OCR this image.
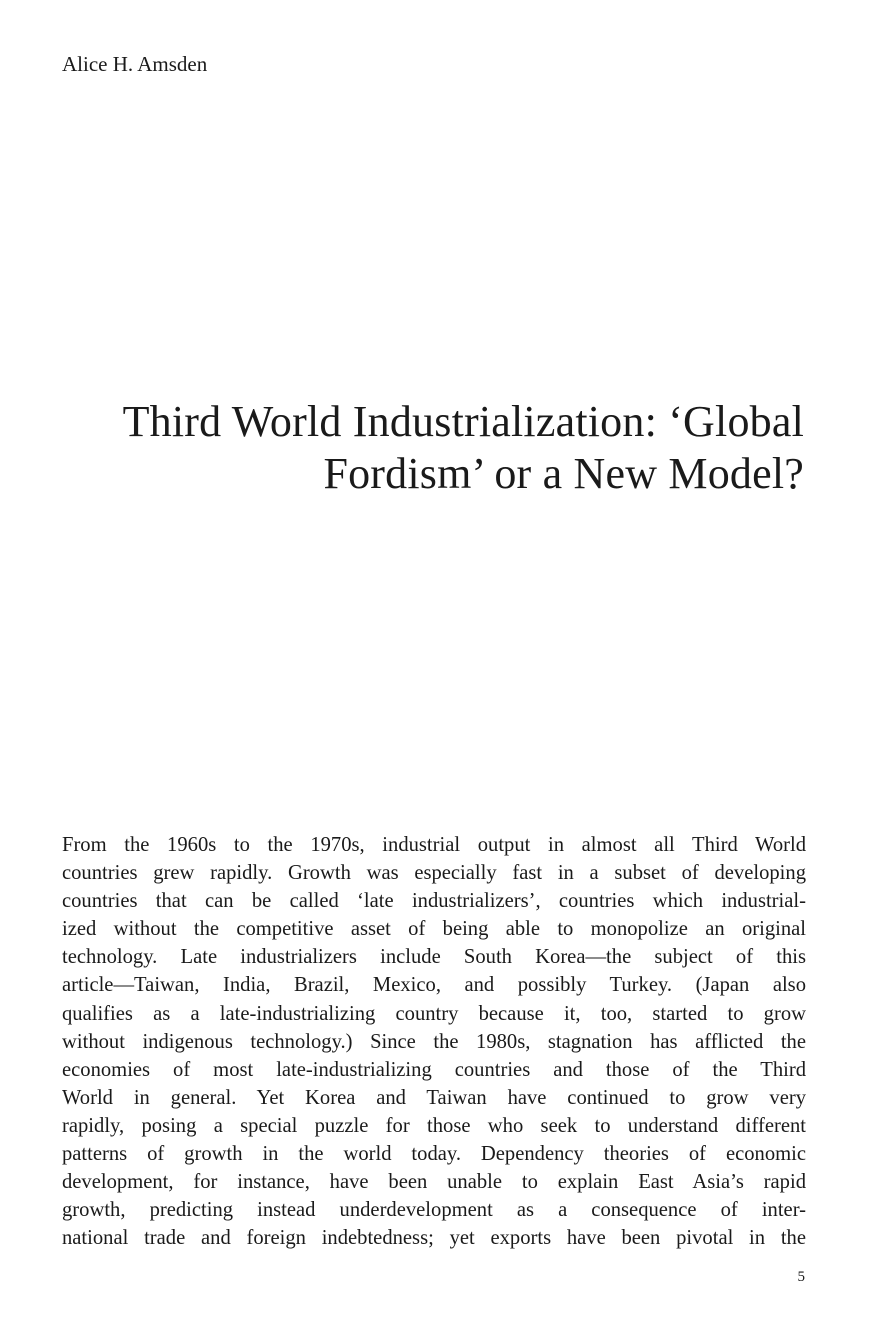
Alice H. Amsden

Third World Industrialization: ‘Global
Fordism’ or a New Model?
From the 1960s to the 1970s, industrial output in almost all Third World
countries grew rapidly. Growth was especially fast in a subset of developing
countries that can be called ‘late industrializers’, countries which industrial-
ized without the competitive asset of being able to monopolize an original
technology. Late industrializers include South Korea—the subject of this
article—Taiwan, India, Brazil, Mexico, and possibly Turkey. (Japan also
qualifies as a late-industrializing country because it, too, started to grow
without indigenous technology.) Since the 1980s, stagnation has afflicted the
economies of most late-industrializing countries and those of the Third
World in general. Yet Korea and Taiwan have continued to grow very
rapidly, posing a special puzzle for those who seek to understand different
patterns of growth in the world today. Dependency theories of economic
development, for instance, have been unable to explain East Asia’s rapid
growth, predicting instead underdevelopment as a consequence of inter-
national trade and foreign indebtedness; yet exports have been pivotal in the

5
